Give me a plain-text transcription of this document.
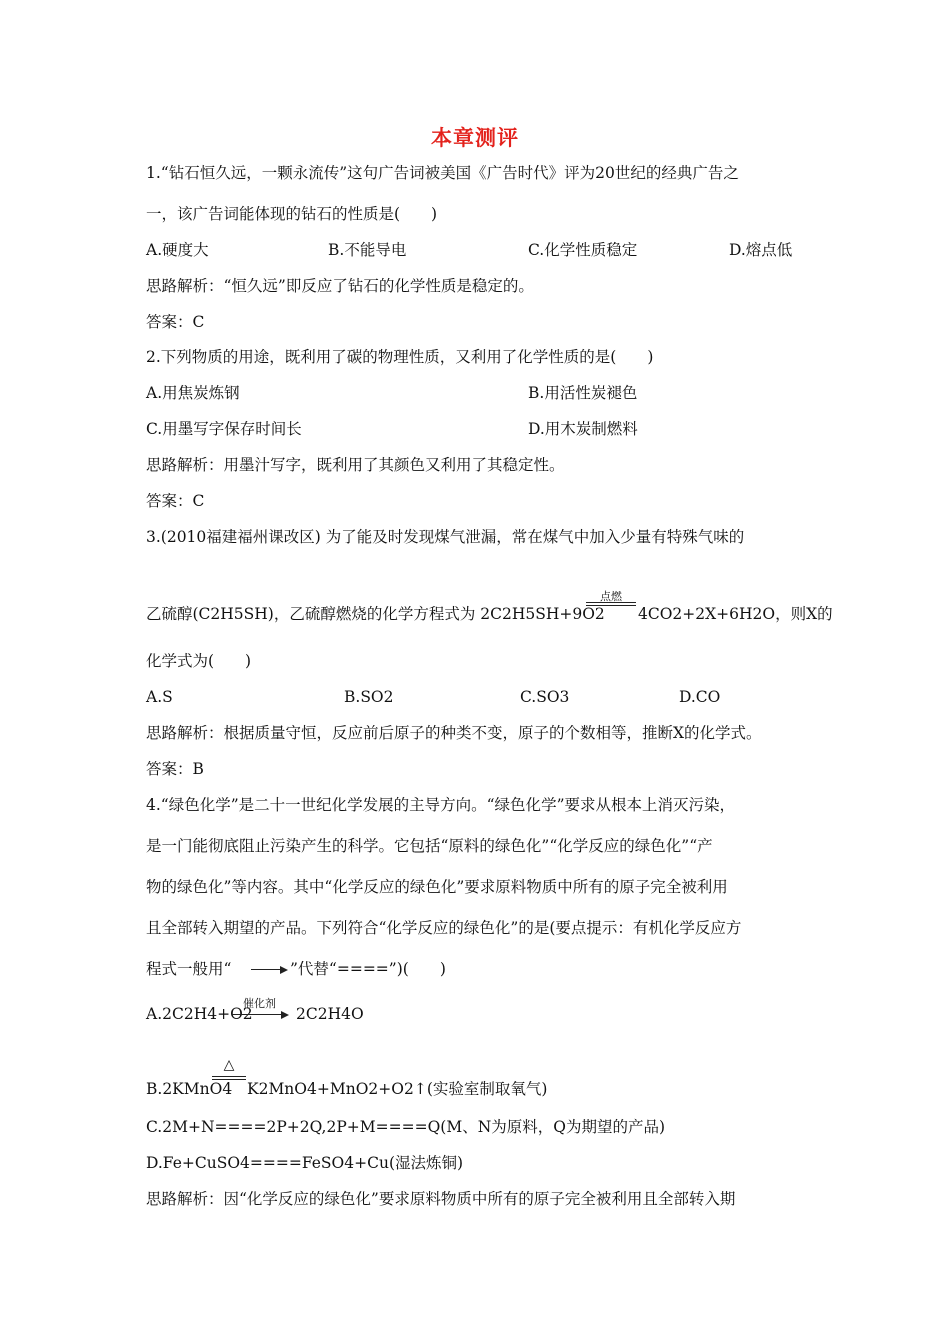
本章测评
1.“钻石恒久远，一颗永流传”这句广告词被美国《广告时代》评为20世纪的经典广告之
一，该广告词能体现的钻石的性质是(　　)
A.硬度大	B.不能导电	C.化学性质稳定	D.熔点低
思路解析：“恒久远”即反应了钻石的化学性质是稳定的。
答案：C
2.下列物质的用途，既利用了碳的物理性质，又利用了化学性质的是(　　)
A.用焦炭炼钢	B.用活性炭褪色
C.用墨写字保存时间长	D.用木炭制燃料
思路解析：用墨汁写字，既利用了其颜色又利用了其稳定性。
答案：C
3.(2010福建福州课改区) 为了能及时发现煤气泄漏，常在煤气中加入少量有特殊气味的
乙硫醇(C2H5SH)，乙硫醇燃烧的化学方程式为 2C2H5SH+9O2
点燃
4CO2+2X+6H2O，则X的
化学式为(　　)
A.S	B.SO2	C.SO3	D.CO
思路解析：根据质量守恒，反应前后原子的种类不变，原子的个数相等，推断X的化学式。
答案：B
4.“绿色化学”是二十一世纪化学发展的主导方向。“绿色化学”要求从根本上消灭污染，
是一门能彻底阻止污染产生的科学。它包括“原料的绿色化”“化学反应的绿色化”“产
物的绿色化”等内容。其中“化学反应的绿色化”要求原料物质中所有的原子完全被利用
且全部转入期望的产品。下列符合“化学反应的绿色化”的是(要点提示：有机化学反应方
程式一般用“	”代替“====”)(　　)
A.2C2H4+O2
催化剂
2C2H4O
B.2KMnO4
△
K2MnO4+MnO2+O2↑(实验室制取氧气)
C.2M+N====2P+2Q,2P+M====Q(M、N为原料，Q为期望的产品)
D.Fe+CuSO4====FeSO4+Cu(湿法炼铜)
思路解析：因“化学反应的绿色化”要求原料物质中所有的原子完全被利用且全部转入期
